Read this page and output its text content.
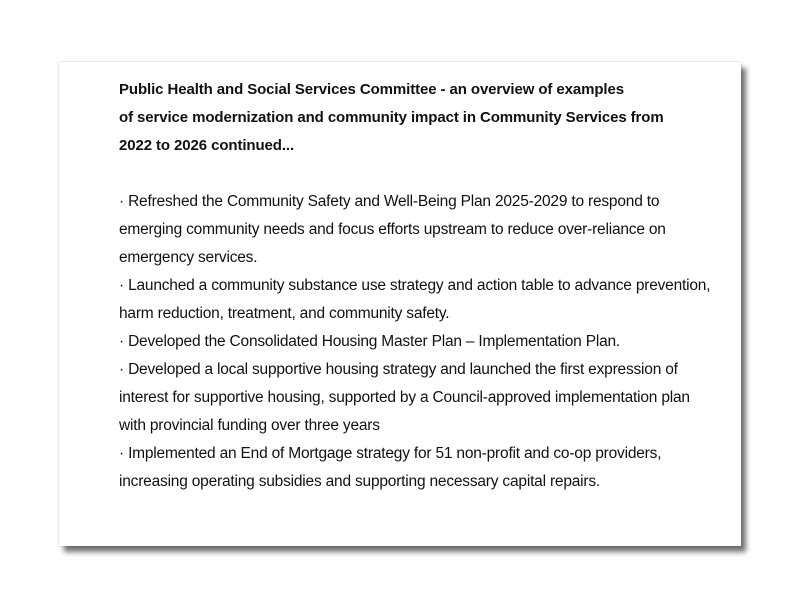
Public Health and Social Services Committee - an overview of examples
of service modernization and community impact in Community Services from
2022 to 2026 continued...
· Refreshed the Community Safety and Well-Being Plan 2025-2029 to respond to emerging community needs and focus efforts upstream to reduce over-reliance on emergency services.
· Launched a community substance use strategy and action table to advance prevention, harm reduction, treatment, and community safety.
· Developed the Consolidated Housing Master Plan – Implementation Plan.
· Developed a local supportive housing strategy and launched the first expression of interest for supportive housing, supported by a Council-approved implementation plan with provincial funding over three years
· Implemented an End of Mortgage strategy for 51 non-profit and co-op providers, increasing operating subsidies and supporting necessary capital repairs.
